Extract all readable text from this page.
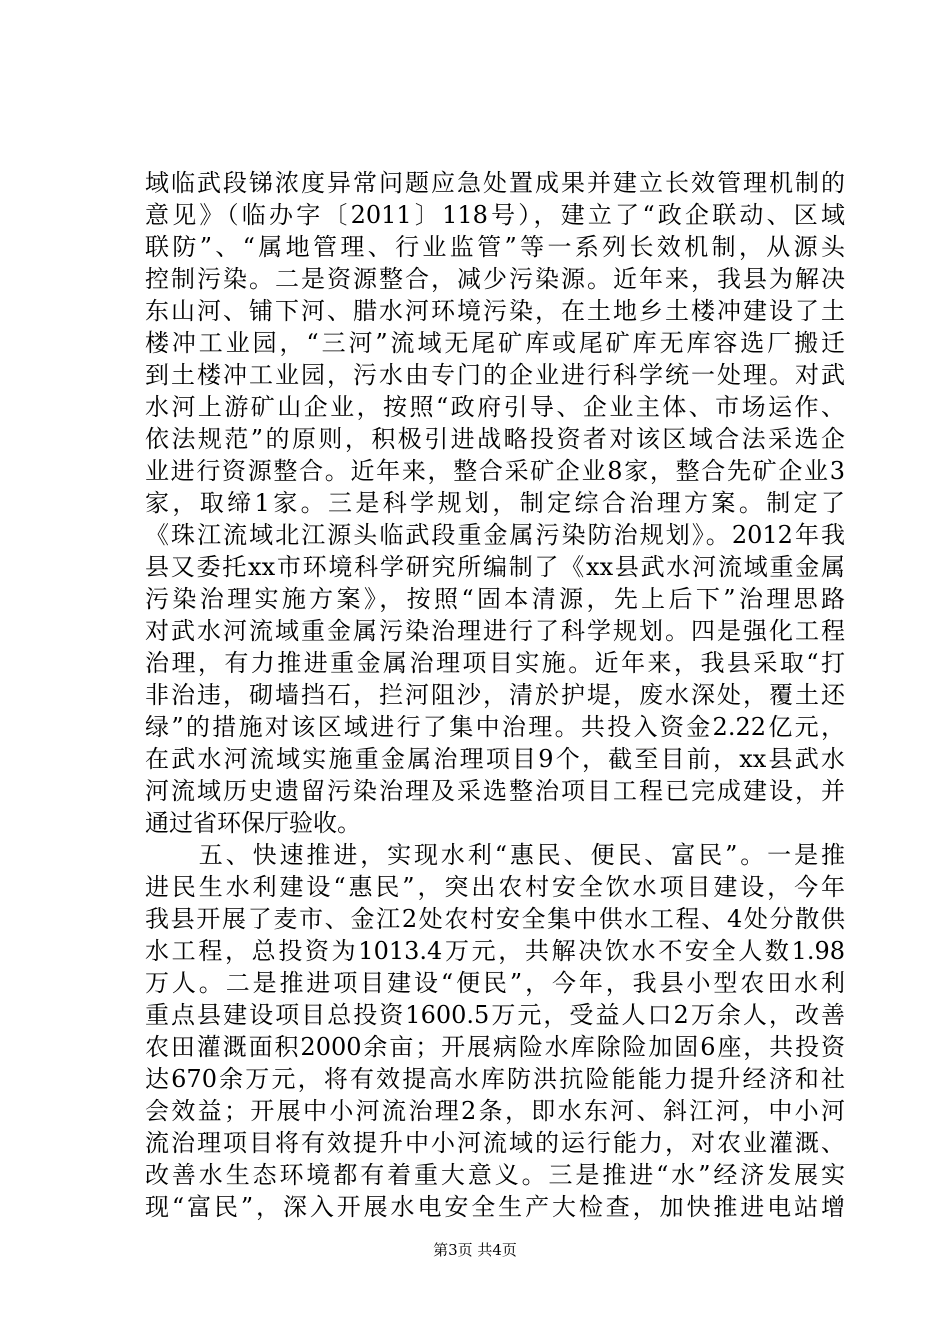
域临武段锑浓度异常问题应急处置成果并建立长效管理机制的
意见》（临办字〔2011〕118号），建立了“政企联动、区域
联防”、“属地管理、行业监管”等一系列长效机制，从源头
控制污染。二是资源整合，减少污染源。近年来，我县为解决
东山河、铺下河、腊水河环境污染，在土地乡土楼冲建设了土
楼冲工业园，“三河”流域无尾矿库或尾矿库无库容选厂搬迁
到土楼冲工业园，污水由专门的企业进行科学统一处理。对武
水河上游矿山企业，按照“政府引导、企业主体、市场运作、
依法规范”的原则，积极引进战略投资者对该区域合法采选企
业进行资源整合。近年来，整合采矿企业8家，整合先矿企业3
家，取缔1家。三是科学规划，制定综合治理方案。制定了
《珠江流域北江源头临武段重金属污染防治规划》。2012年我
县又委托xx市环境科学研究所编制了《xx县武水河流域重金属
污染治理实施方案》，按照“固本清源，先上后下”治理思路
对武水河流域重金属污染治理进行了科学规划。四是强化工程
治理，有力推进重金属治理项目实施。近年来，我县采取“打
非治违，砌墙挡石，拦河阻沙，清於护堤，废水深处，覆土还
绿”的措施对该区域进行了集中治理。共投入资金2.22亿元，
在武水河流域实施重金属治理项目9个，截至目前，xx县武水
河流域历史遗留污染治理及采选整治项目工程已完成建设，并
通过省环保厅验收。
　　五、快速推进，实现水利“惠民、便民、富民”。一是推
进民生水利建设“惠民”，突出农村安全饮水项目建设，今年
我县开展了麦市、金江2处农村安全集中供水工程、4处分散供
水工程，总投资为1013.4万元，共解决饮水不安全人数1.98
万人。二是推进项目建设“便民”，今年，我县小型农田水利
重点县建设项目总投资1600.5万元，受益人口2万余人，改善
农田灌溉面积2000余亩；开展病险水库除险加固6座，共投资
达670余万元，将有效提高水库防洪抗险能能力提升经济和社
会效益；开展中小河流治理2条，即水东河、斜江河，中小河
流治理项目将有效提升中小河流域的运行能力，对农业灌溉、
改善水生态环境都有着重大意义。三是推进“水”经济发展实
现“富民”，深入开展水电安全生产大检查，加快推进电站增
第3页 共4页
